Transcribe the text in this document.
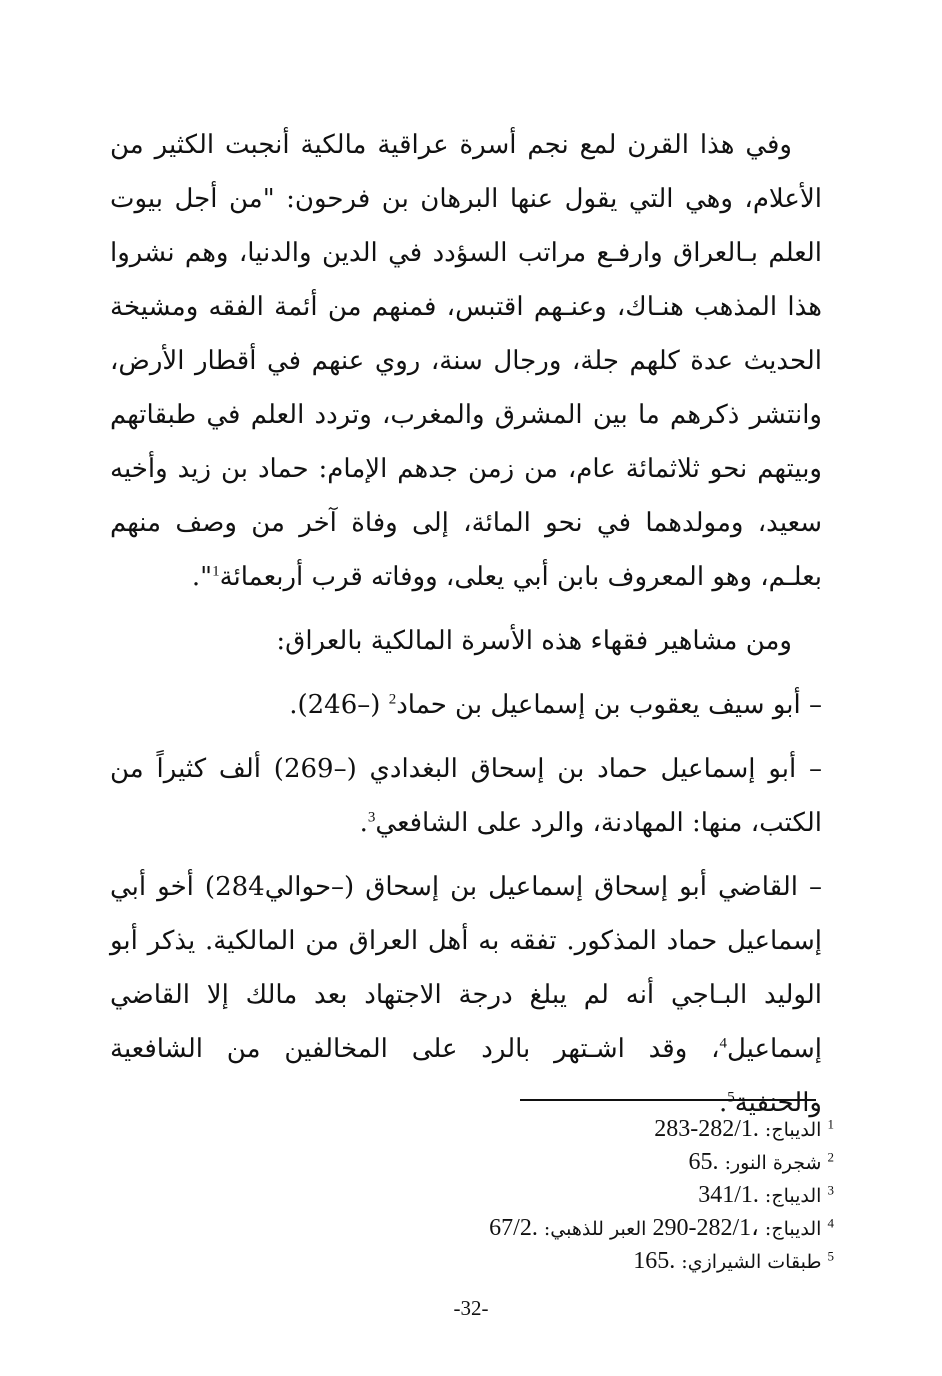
وفي هذا القرن لمع نجم أسرة عراقية مالكية أنجبت الكثير من الأعلام، وهي التي يقول عنها البرهان بن فرحون: "من أجل بيوت العلم بـالعراق وارفـع مراتب السؤدد في الدين والدنيا، وهم نشروا هذا المذهب هنـاك، وعنـهم اقتبس، فمنهم من أئمة الفقه ومشيخة الحديث عدة كلهم جلة، ورجال سنة، روي عنهم في أقطار الأرض، وانتشر ذكرهم ما بين المشرق والمغرب، وتردد العلم في طبقاتهم وبيتهم نحو ثلاثمائة عام، من زمن جدهم الإمام: حماد بن زيد وأخيه سعيد، ومولدهما في نحو المائة، إلى وفاة آخر من وصف منهم بعلـم، وهو المعروف بابن أبي يعلى، ووفاته قرب أربعمائة$^1$".

ومن مشاهير فقهاء هذه الأسرة المالكية بالعراق:

– أبو سيف يعقوب بن إسماعيل بن حماد$^2$ (–246).

– أبو إسماعيل حماد بن إسحاق البغدادي (–269) ألف كثيراً من الكتب، منها: المهادنة، والرد على الشافعي$^3$.

– القاضي أبو إسحاق إسماعيل بن إسحاق (–حوالي284) أخو أبي إسماعيل حماد المذكور. تفقه به أهل العراق من المالكية. يذكر أبو الوليد البـاجي أنه لم يبلغ درجة الاجتهاد بعد مالك إلا القاضي إسماعيل$^4$، وقد اشـتهر بالرد على المخالفين من الشافعية والحنفية$^5$.

$^1$ الديباج: 283-282/1.
$^2$ شجرة النور: 65.
$^3$ الديباج: 341/1.
$^4$ الديباج: 290-282/1، العبر للذهبي: 67/2.
$^5$ طبقات الشيرازي: 165.
-32-
